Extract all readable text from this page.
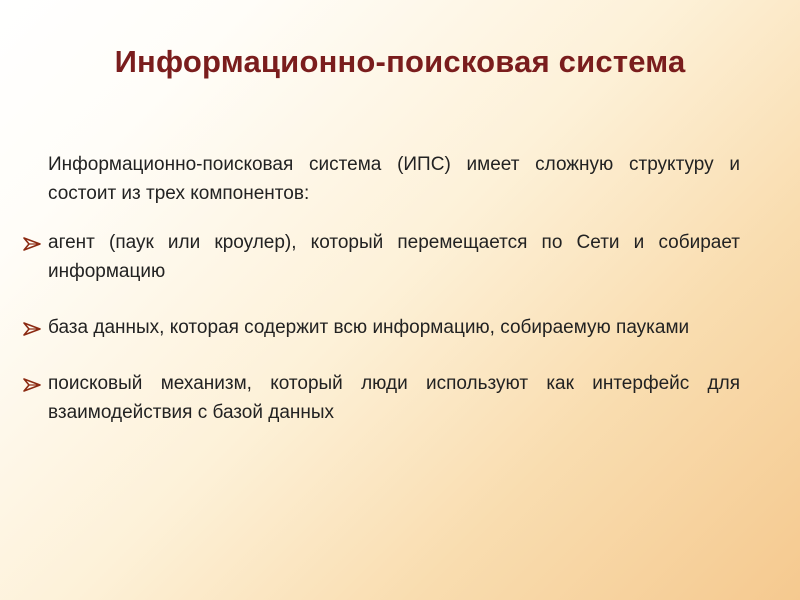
Информационно-поисковая система

Информационно-поисковая система (ИПС) имеет сложную структуру и состоит из трех компонентов:

агент (паук или кроулер), который перемещается по Сети и собирает информацию
база данных, которая содержит всю информацию, собираемую пауками
поисковый механизм, который люди используют как интерфейс для взаимодействия с базой данных
